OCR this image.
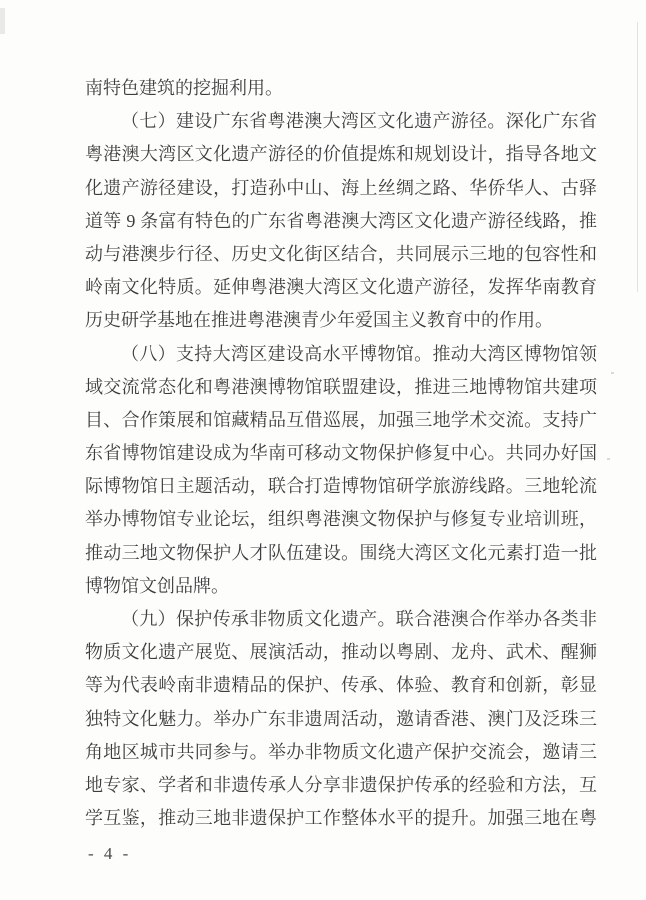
南特色建筑的挖掘利用。
（七）建设广东省粤港澳大湾区文化遗产游径。深化广东省
粤港澳大湾区文化遗产游径的价值提炼和规划设计，指导各地文
化遗产游径建设，打造孙中山、海上丝绸之路、华侨华人、古驿
道等 9 条富有特色的广东省粤港澳大湾区文化遗产游径线路，推
动与港澳步行径、历史文化街区结合，共同展示三地的包容性和
岭南文化特质。延伸粤港澳大湾区文化遗产游径，发挥华南教育
历史研学基地在推进粤港澳青少年爱国主义教育中的作用。
（八）支持大湾区建设高水平博物馆。推动大湾区博物馆领
域交流常态化和粤港澳博物馆联盟建设，推进三地博物馆共建项
目、合作策展和馆藏精品互借巡展，加强三地学术交流。支持广
东省博物馆建设成为华南可移动文物保护修复中心。共同办好国
际博物馆日主题活动，联合打造博物馆研学旅游线路。三地轮流
举办博物馆专业论坛，组织粤港澳文物保护与修复专业培训班，
推动三地文物保护人才队伍建设。围绕大湾区文化元素打造一批
博物馆文创品牌。
（九）保护传承非物质文化遗产。联合港澳合作举办各类非
物质文化遗产展览、展演活动，推动以粤剧、龙舟、武术、醒狮
等为代表岭南非遗精品的保护、传承、体验、教育和创新，彰显
独特文化魅力。举办广东非遗周活动，邀请香港、澳门及泛珠三
角地区城市共同参与。举办非物质文化遗产保护交流会，邀请三
地专家、学者和非遗传承人分享非遗保护传承的经验和方法，互
学互鉴，推动三地非遗保护工作整体水平的提升。加强三地在粤
- 4 -
